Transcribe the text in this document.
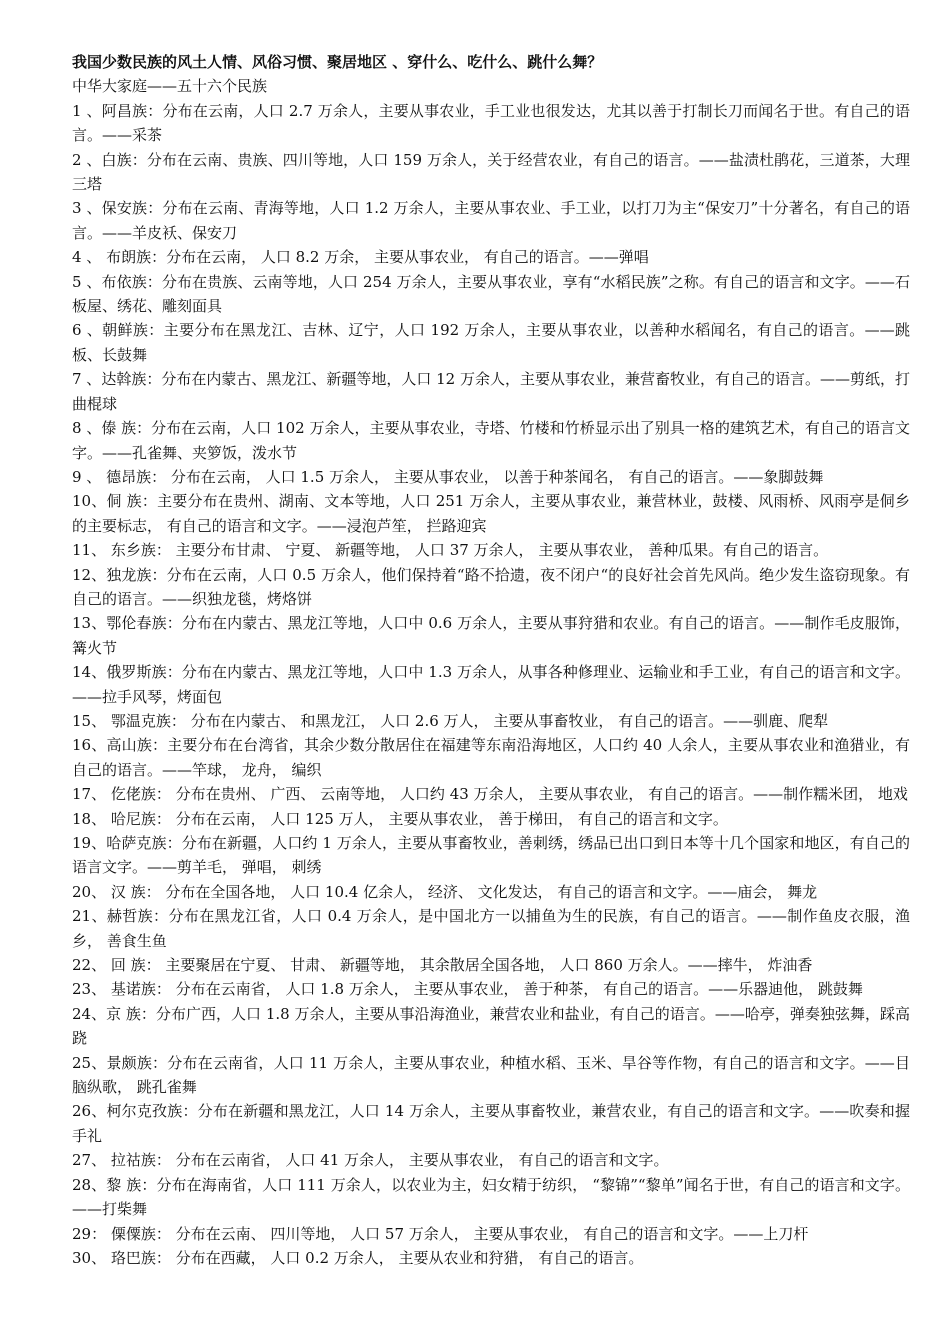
我国少数民族的风土人情、风俗习惯、聚居地区 、穿什么、吃什么、跳什么舞？

中华大家庭——五十六个民族

1 、阿昌族：分布在云南，人口 2.7 万余人，主要从事农业，手工业也很发达，尤其以善于打制长刀而闻名于世。有自己的语言。——采茶

2 、白族：分布在云南、贵族、四川等地，人口 159 万余人，关于经营农业，有自己的语言。——盐渍杜鹃花，三道茶，大理三塔

3 、保安族：分布在云南、青海等地，人口 1.2 万余人，主要从事农业、手工业，以打刀为主“保安刀”十分著名，有自己的语言。——羊皮袄、保安刀

4 、 布朗族：分布在云南， 人口 8.2 万余， 主要从事农业， 有自己的语言。——弹唱

5 、布依族：分布在贵族、云南等地，人口 254 万余人，主要从事农业，享有“水稻民族”之称。有自己的语言和文字。——石板屋、绣花、雕刻面具

6 、朝鲜族：主要分布在黑龙江、吉林、辽宁，人口 192 万余人，主要从事农业，以善种水稻闻名，有自己的语言。——跳板、长鼓舞

7 、达斡族：分布在内蒙古、黑龙江、新疆等地，人口 12 万余人，主要从事农业，兼营畜牧业，有自己的语言。——剪纸，打曲棍球

8 、傣 族：分布在云南，人口 102 万余人，主要从事农业，寺塔、竹楼和竹桥显示出了别具一格的建筑艺术，有自己的语言文字。——孔雀舞、夹箩饭，泼水节

9 、 德昂族： 分布在云南， 人口 1.5 万余人， 主要从事农业， 以善于种茶闻名， 有自己的语言。——象脚鼓舞

10、侗 族：主要分布在贵州、湖南、文本等地，人口 251 万余人，主要从事农业，兼营林业，鼓楼、风雨桥、风雨亭是侗乡的主要标志， 有自己的语言和文字。——浸泡芦笙， 拦路迎宾

11、 东乡族： 主要分布甘肃、 宁夏、 新疆等地， 人口 37 万余人， 主要从事农业， 善种瓜果。有自己的语言。

12、独龙族：分布在云南，人口 0.5 万余人，他们保持着“路不拾遗，夜不闭户“的良好社会首先风尚。绝少发生盗窃现象。有自己的语言。——织独龙毯，烤烙饼

13、鄂伦春族：分布在内蒙古、黑龙江等地，人口中 0.6 万余人，主要从事狩猎和农业。有自己的语言。——制作毛皮服饰，篝火节

14、俄罗斯族：分布在内蒙古、黑龙江等地，人口中 1.3 万余人，从事各种修理业、运输业和手工业，有自己的语言和文字。——拉手风琴，烤面包

15、 鄂温克族： 分布在内蒙古、 和黑龙江， 人口 2.6 万人， 主要从事畜牧业， 有自己的语言。——驯鹿、爬犁

16、高山族：主要分布在台湾省，其余少数分散居住在福建等东南沿海地区，人口约 40 人余人，主要从事农业和渔猎业，有自己的语言。——竿球， 龙舟， 编织

17、 仡佬族： 分布在贵州、 广西、 云南等地， 人口约 43 万余人， 主要从事农业， 有自己的语言。——制作糯米团， 地戏

18、 哈尼族： 分布在云南， 人口 125 万人， 主要从事农业， 善于梯田， 有自己的语言和文字。

19、哈萨克族：分布在新疆，人口约 1 万余人，主要从事畜牧业，善刺绣，绣品已出口到日本等十几个国家和地区，有自己的语言文字。——剪羊毛， 弹唱， 刺绣

20、 汉 族： 分布在全国各地， 人口 10.4 亿余人， 经济、 文化发达， 有自己的语言和文字。——庙会， 舞龙

21、赫哲族：分布在黑龙江省，人口 0.4 万余人，是中国北方一以捕鱼为生的民族，有自己的语言。——制作鱼皮衣服，渔乡， 善食生鱼

22、 回 族： 主要聚居在宁夏、 甘肃、 新疆等地， 其余散居全国各地， 人口 860 万余人。——摔牛， 炸油香

23、 基诺族： 分布在云南省， 人口 1.8 万余人， 主要从事农业， 善于种茶， 有自己的语言。——乐器迪他， 跳鼓舞

24、京 族：分布广西，人口 1.8 万余人，主要从事沿海渔业，兼营农业和盐业，有自己的语言。——哈亭，弹奏独弦舞，踩高跷

25、景颇族：分布在云南省，人口 11 万余人，主要从事农业，种植水稻、玉米、旱谷等作物，有自己的语言和文字。——目脑纵歌， 跳孔雀舞

26、柯尔克孜族：分布在新疆和黑龙江，人口 14 万余人，主要从事畜牧业，兼营农业，有自己的语言和文字。——吹奏和握手礼

27、 拉祜族： 分布在云南省， 人口 41 万余人， 主要从事农业， 有自己的语言和文字。

28、黎 族：分布在海南省，人口 111 万余人，以农业为主，妇女精于纺织， “黎锦”“黎单”闻名于世，有自己的语言和文字。——打柴舞

29： 傈僳族： 分布在云南、 四川等地， 人口 57 万余人， 主要从事农业， 有自己的语言和文字。——上刀杆

30、 珞巴族： 分布在西藏， 人口 0.2 万余人， 主要从农业和狩猎， 有自己的语言。
